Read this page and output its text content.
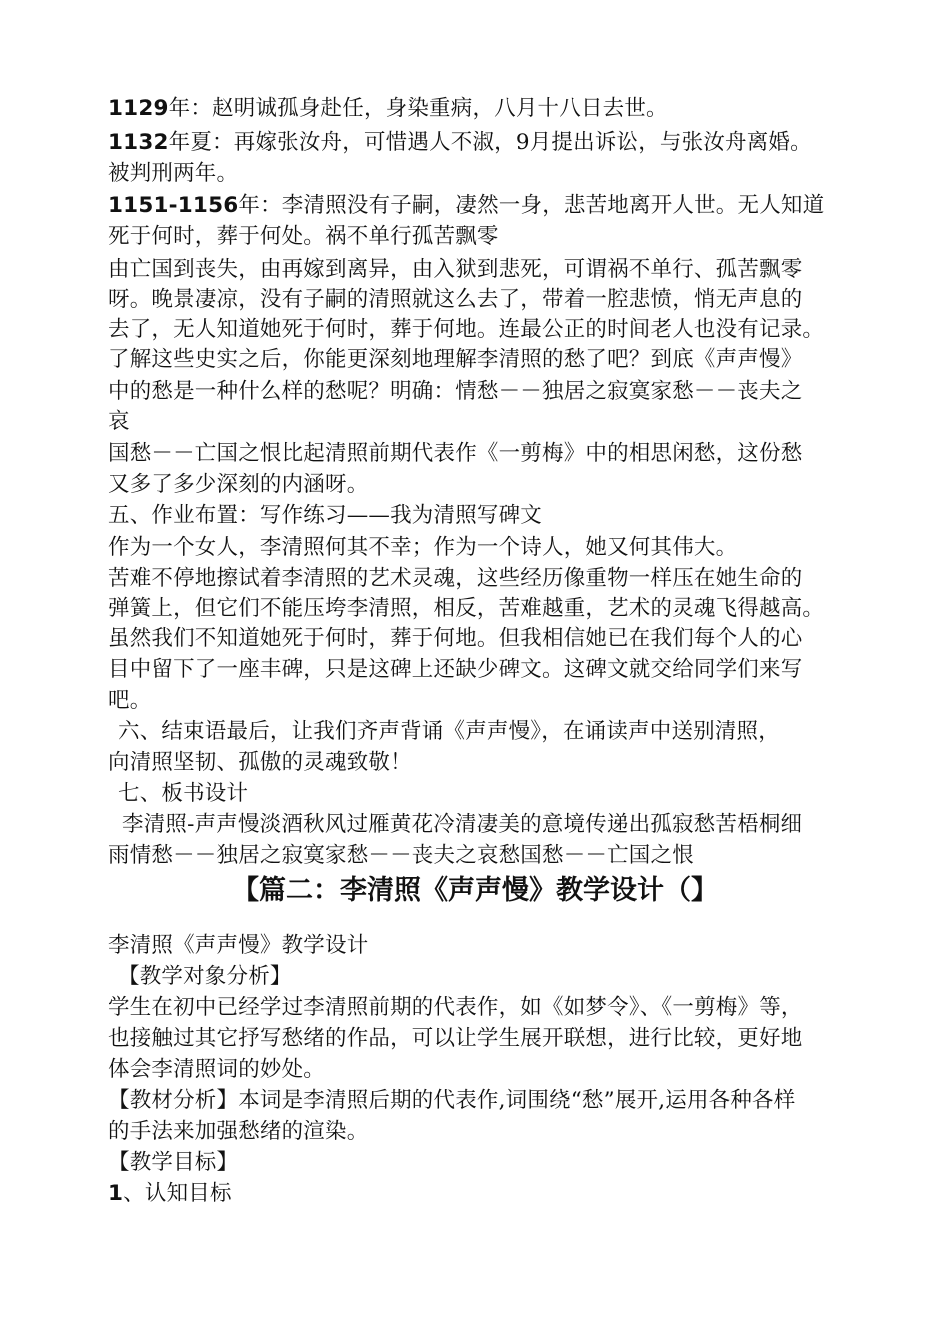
1129年：赵明诚孤身赴任，身染重病，八月十八日去世。
1132年夏：再嫁张汝舟，可惜遇人不淑，9月提出诉讼，与张汝舟离婚。
被判刑两年。
1151-1156年：李清照没有子嗣，凄然一身，悲苦地离开人世。无人知道
死于何时，葬于何处。祸不单行孤苦飘零
由亡国到丧失，由再嫁到离异，由入狱到悲死，可谓祸不单行、孤苦飘零
呀。晚景凄凉，没有子嗣的清照就这么去了，带着一腔悲愤，悄无声息的
去了，无人知道她死于何时，葬于何地。连最公正的时间老人也没有记录。
了解这些史实之后，你能更深刻地理解李清照的愁了吧？到底《声声慢》
中的愁是一种什么样的愁呢？明确：情愁－－独居之寂寞家愁－－丧夫之
哀
国愁－－亡国之恨比起清照前期代表作《一剪梅》中的相思闲愁，这份愁
又多了多少深刻的内涵呀。
五、作业布置：写作练习——我为清照写碑文
作为一个女人，李清照何其不幸；作为一个诗人，她又何其伟大。
苦难不停地擦试着李清照的艺术灵魂，这些经历像重物一样压在她生命的
弹簧上，但它们不能压垮李清照，相反，苦难越重，艺术的灵魂飞得越高。
虽然我们不知道她死于何时，葬于何地。但我相信她已在我们每个人的心
目中留下了一座丰碑，只是这碑上还缺少碑文。这碑文就交给同学们来写
吧。
六、结束语最后，让我们齐声背诵《声声慢》，在诵读声中送别清照，
向清照坚韧、孤傲的灵魂致敬！
七、板书设计
李清照-声声慢淡酒秋风过雁黄花冷清凄美的意境传递出孤寂愁苦梧桐细
雨情愁－－独居之寂寞家愁－－丧夫之哀愁国愁－－亡国之恨
【篇二：李清照《声声慢》教学设计（】
李清照《声声慢》教学设计
【教学对象分析】
学生在初中已经学过李清照前期的代表作，如《如梦令》、《一剪梅》等，
也接触过其它抒写愁绪的作品，可以让学生展开联想，进行比较，更好地
体会李清照词的妙处。
【教材分析】本词是李清照后期的代表作,词围绕“愁”展开,运用各种各样
的手法来加强愁绪的渲染。
【教学目标】
1、认知目标
